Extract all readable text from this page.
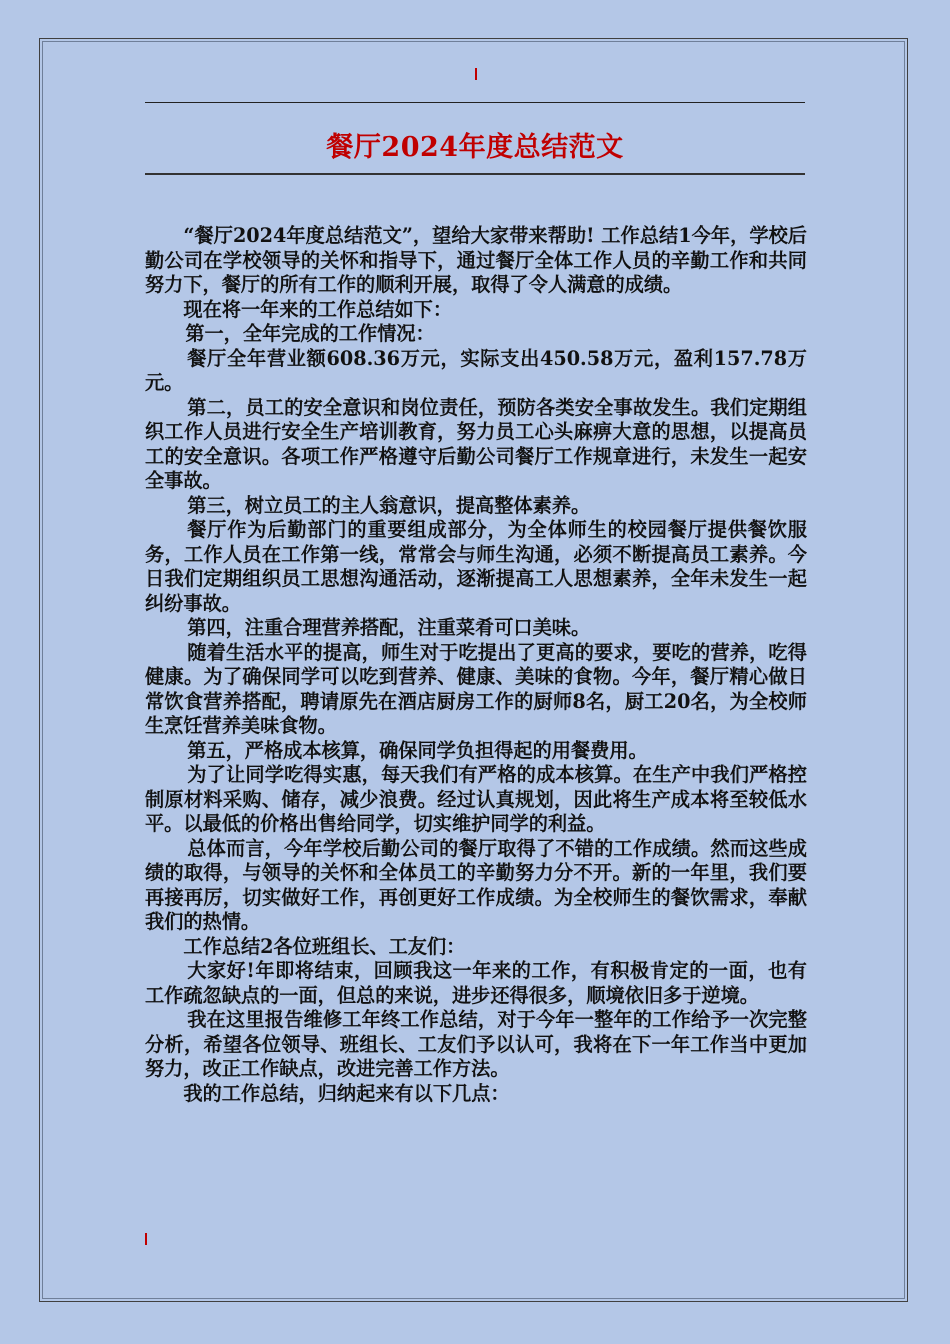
餐厅2024年度总结范文

“餐厅2024年度总结范文”，望给大家带来帮助! 工作总结1今年，学校后勤公司在学校领导的关怀和指导下，通过餐厅全体工作人员的辛勤工作和共同努力下，餐厅的所有工作的顺利开展，取得了令人满意的成绩。

现在将一年来的工作总结如下：

第一，全年完成的工作情况：

餐厅全年营业额608.36万元，实际支出450.58万元，盈利157.78万元。

第二，员工的安全意识和岗位责任，预防各类安全事故发生。我们定期组织工作人员进行安全生产培训教育，努力员工心头麻痹大意的思想，以提高员工的安全意识。各项工作严格遵守后勤公司餐厅工作规章进行，未发生一起安全事故。

第三，树立员工的主人翁意识，提高整体素养。

餐厅作为后勤部门的重要组成部分，为全体师生的校园餐厅提供餐饮服务，工作人员在工作第一线，常常会与师生沟通，必须不断提高员工素养。今日我们定期组织员工思想沟通活动，逐渐提高工人思想素养，全年未发生一起纠纷事故。

第四，注重合理营养搭配，注重菜肴可口美味。

随着生活水平的提高，师生对于吃提出了更高的要求，要吃的营养，吃得健康。为了确保同学可以吃到营养、健康、美味的食物。今年，餐厅精心做日常饮食营养搭配，聘请原先在酒店厨房工作的厨师8名，厨工20名，为全校师生烹饪营养美味食物。

第五，严格成本核算，确保同学负担得起的用餐费用。

为了让同学吃得实惠，每天我们有严格的成本核算。在生产中我们严格控制原材料采购、储存，减少浪费。经过认真规划，因此将生产成本将至较低水平。以最低的价格出售给同学，切实维护同学的利益。

总体而言，今年学校后勤公司的餐厅取得了不错的工作成绩。然而这些成绩的取得，与领导的关怀和全体员工的辛勤努力分不开。新的一年里，我们要再接再厉，切实做好工作，再创更好工作成绩。为全校师生的餐饮需求，奉献我们的热情。

工作总结2各位班组长、工友们：

大家好!年即将结束，回顾我这一年来的工作，有积极肯定的一面，也有工作疏忽缺点的一面，但总的来说，进步还得很多，顺境依旧多于逆境。

我在这里报告维修工年终工作总结，对于今年一整年的工作给予一次完整分析，希望各位领导、班组长、工友们予以认可，我将在下一年工作当中更加努力，改正工作缺点，改进完善工作方法。

我的工作总结，归纳起来有以下几点：
